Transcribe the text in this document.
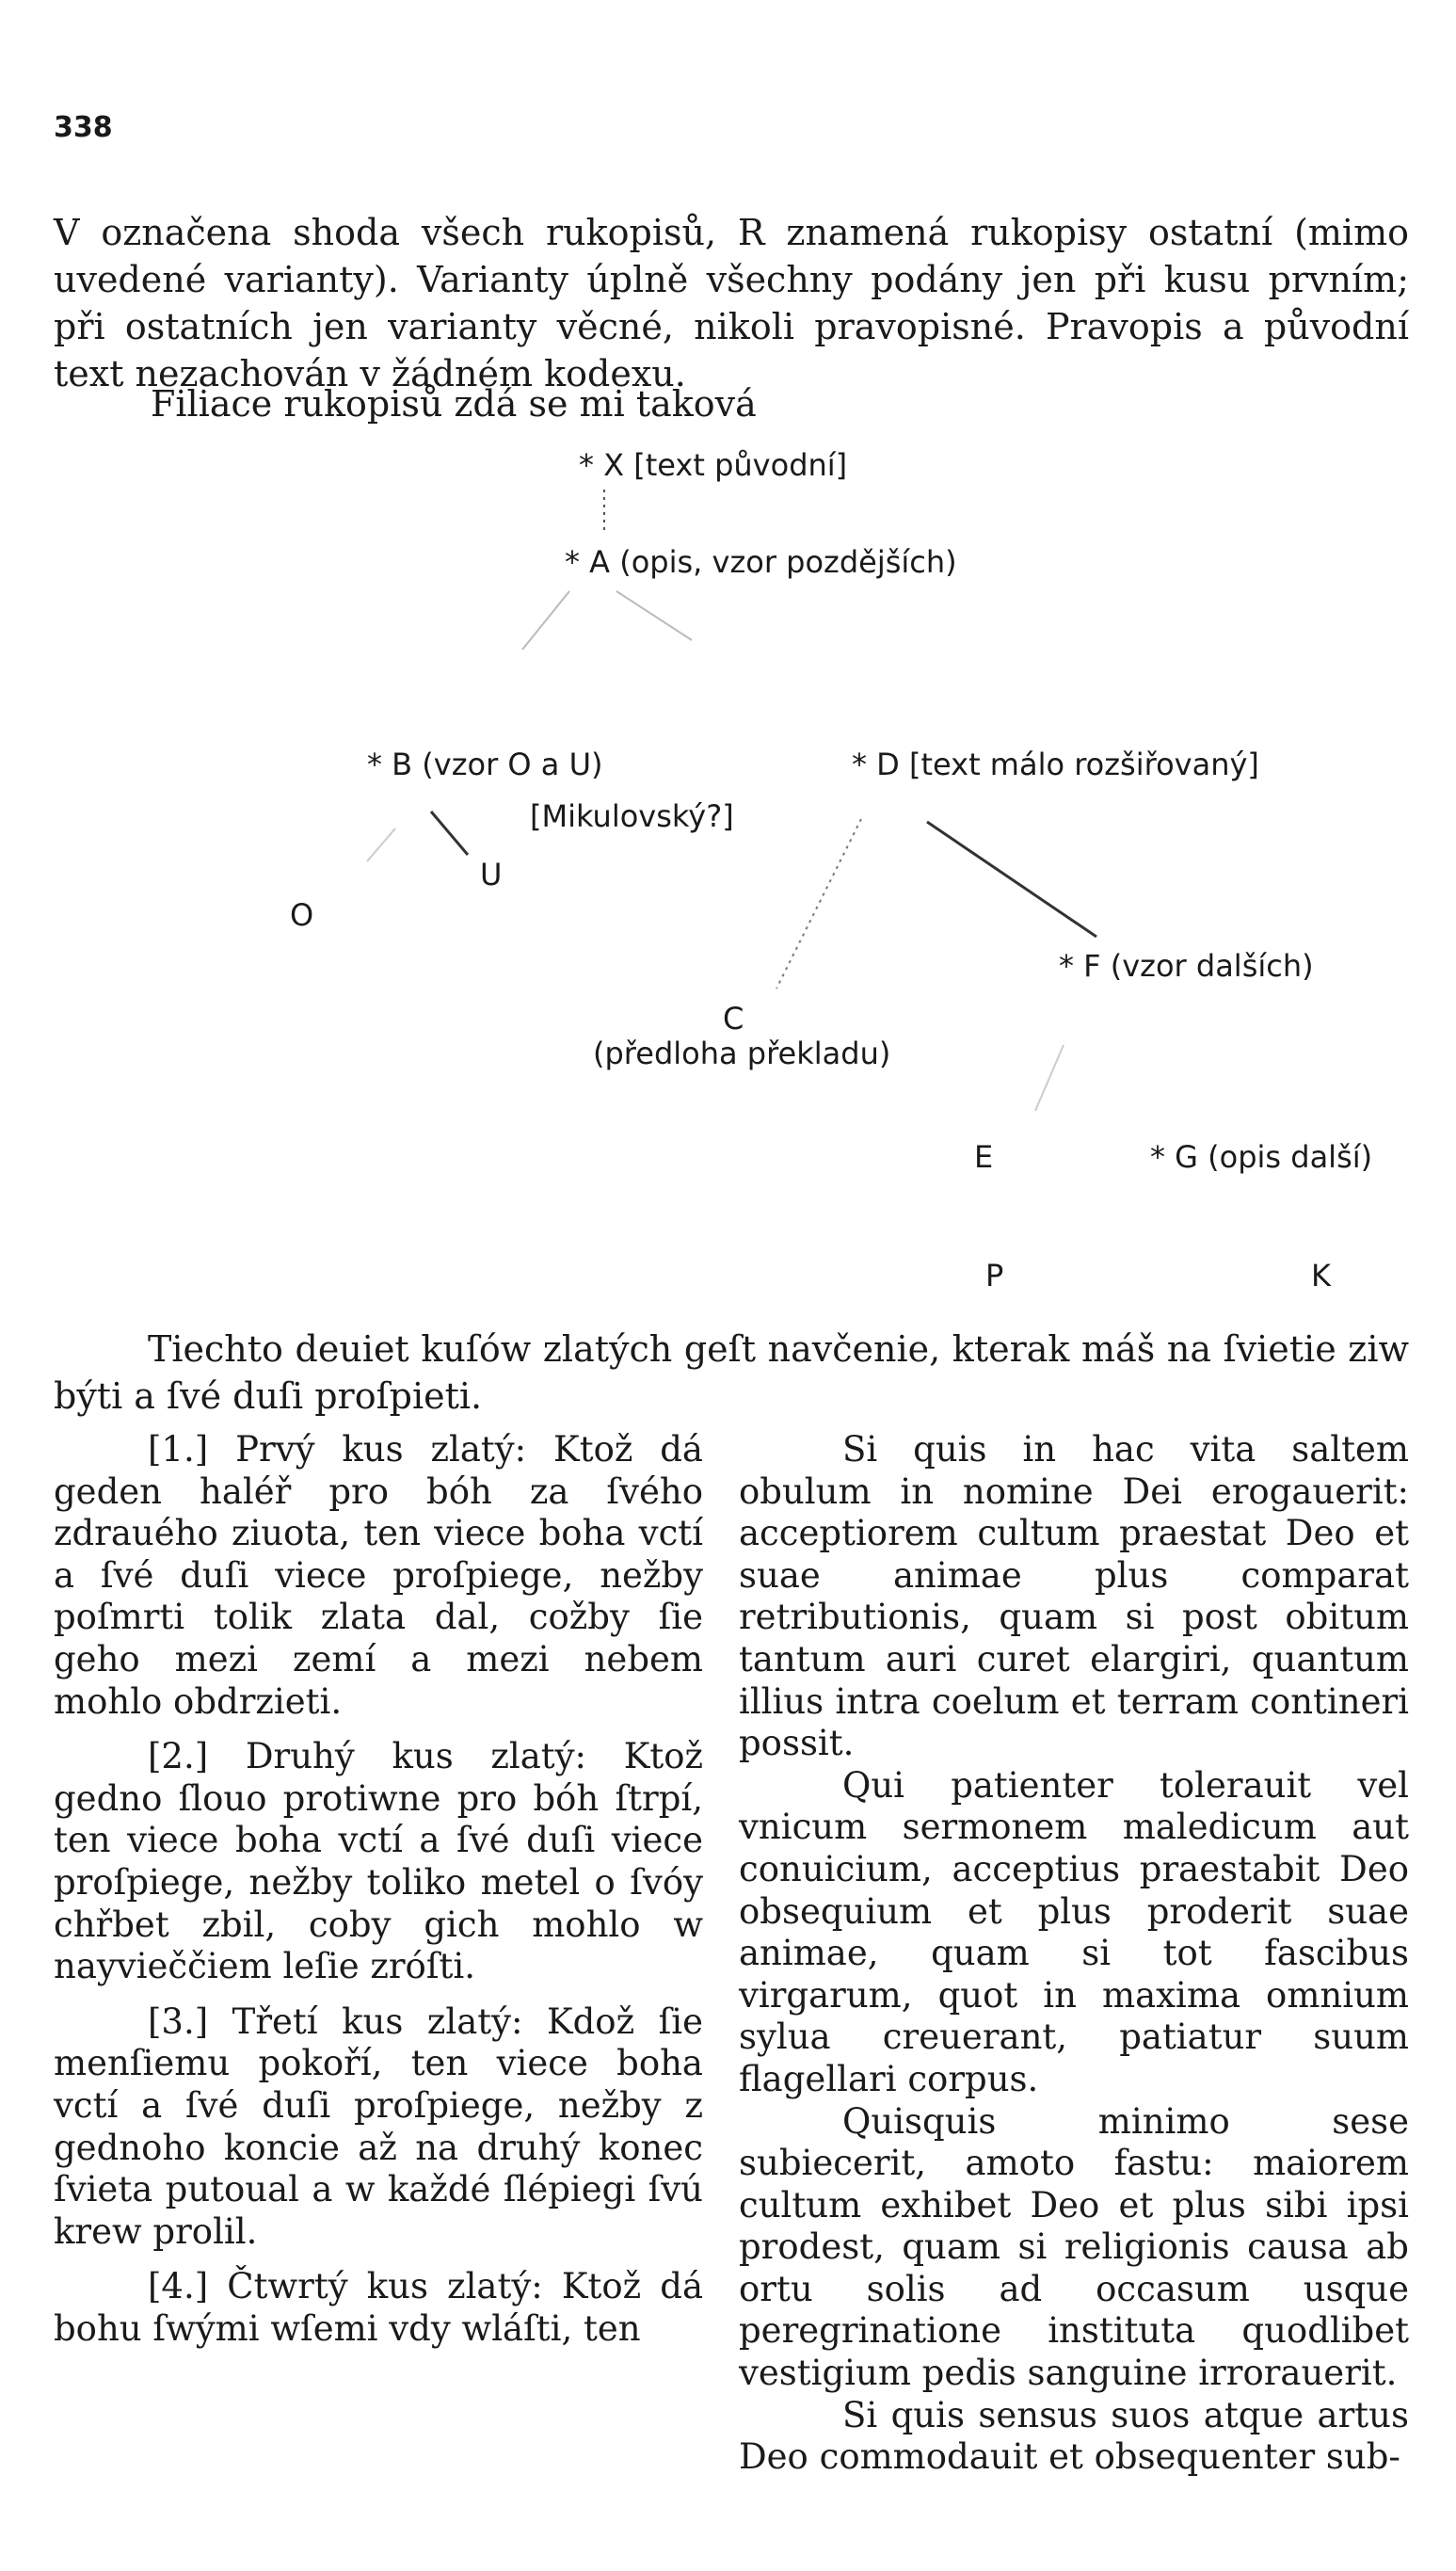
338
V označena shoda všech rukopisů, R znamená rukopisy ostatní (mimo uvedené varianty). Varianty úplně všechny podány jen při kusu prvním; při ostatních jen varianty věcné, nikoli pravopisné. Pravopis a původní text nezachován v žádném kodexu.
Filiace rukopisů zdá se mi taková
* X [text původní]
* A (opis, vzor pozdějších)
* B (vzor O a U)
[Mikulovský?]
U
O
* D [text málo rozšiřovaný]
* F (vzor dalších)
C
(předloha překladu)
E	* G (opis další)
P	K
Tiechto deuiet kuſów zlatých geſt navčenie, kterak máš na ſvietie ziw býti a ſvé duſi proſpieti.

[1.] Prvý kus zlatý: Ktož dá geden haléř pro bóh za ſvého zdrauého ziuota, ten viece boha vctí a ſvé duſi viece proſpiege, nežby poſmrti tolik zlata dal, cožby ſie geho mezi zemí a mezi nebem mohlo obdrzieti.

[2.] Druhý kus zlatý: Ktož gedno ſlouo protiwne pro bóh ſtrpí, ten viece boha vctí a ſvé duſi viece proſpiege, nežby toliko metel o ſvóy chřbet zbil, coby gich mohlo w nayvieččiem leſie zróſti.

[3.] Třetí kus zlatý: Kdož ſie menſiemu pokoří, ten viece boha vctí a ſvé duſi proſpiege, nežby z gednoho koncie až na druhý konec ſvieta putoual a w každé ſlépiegi ſvú krew prolil.

[4.] Čtwrtý kus zlatý: Ktož dá bohu ſwými wſemi vdy wláſti, ten

Si quis in hac vita saltem obulum in nomine Dei erogauerit: acceptiorem cultum praestat Deo et suae animae plus comparat retributionis, quam si post obitum tantum auri curet elargiri, quantum illius intra coelum et terram contineri possit.

Qui patienter tolerauit vel vnicum sermonem maledicum aut conuicium, acceptius praestabit Deo obsequium et plus proderit suae animae, quam si tot fascibus virgarum, quot in maxima omnium sylua creuerant, patiatur suum flagellari corpus.

Quisquis minimo sese subiecerit, amoto fastu: maiorem cultum exhibet Deo et plus sibi ipsi prodest, quam si religionis causa ab ortu solis ad occasum usque peregrinatione instituta quodlibet vestigium pedis sanguine irrorauerit.

Si quis sensus suos atque artus Deo commodauit et obsequenter sub-
